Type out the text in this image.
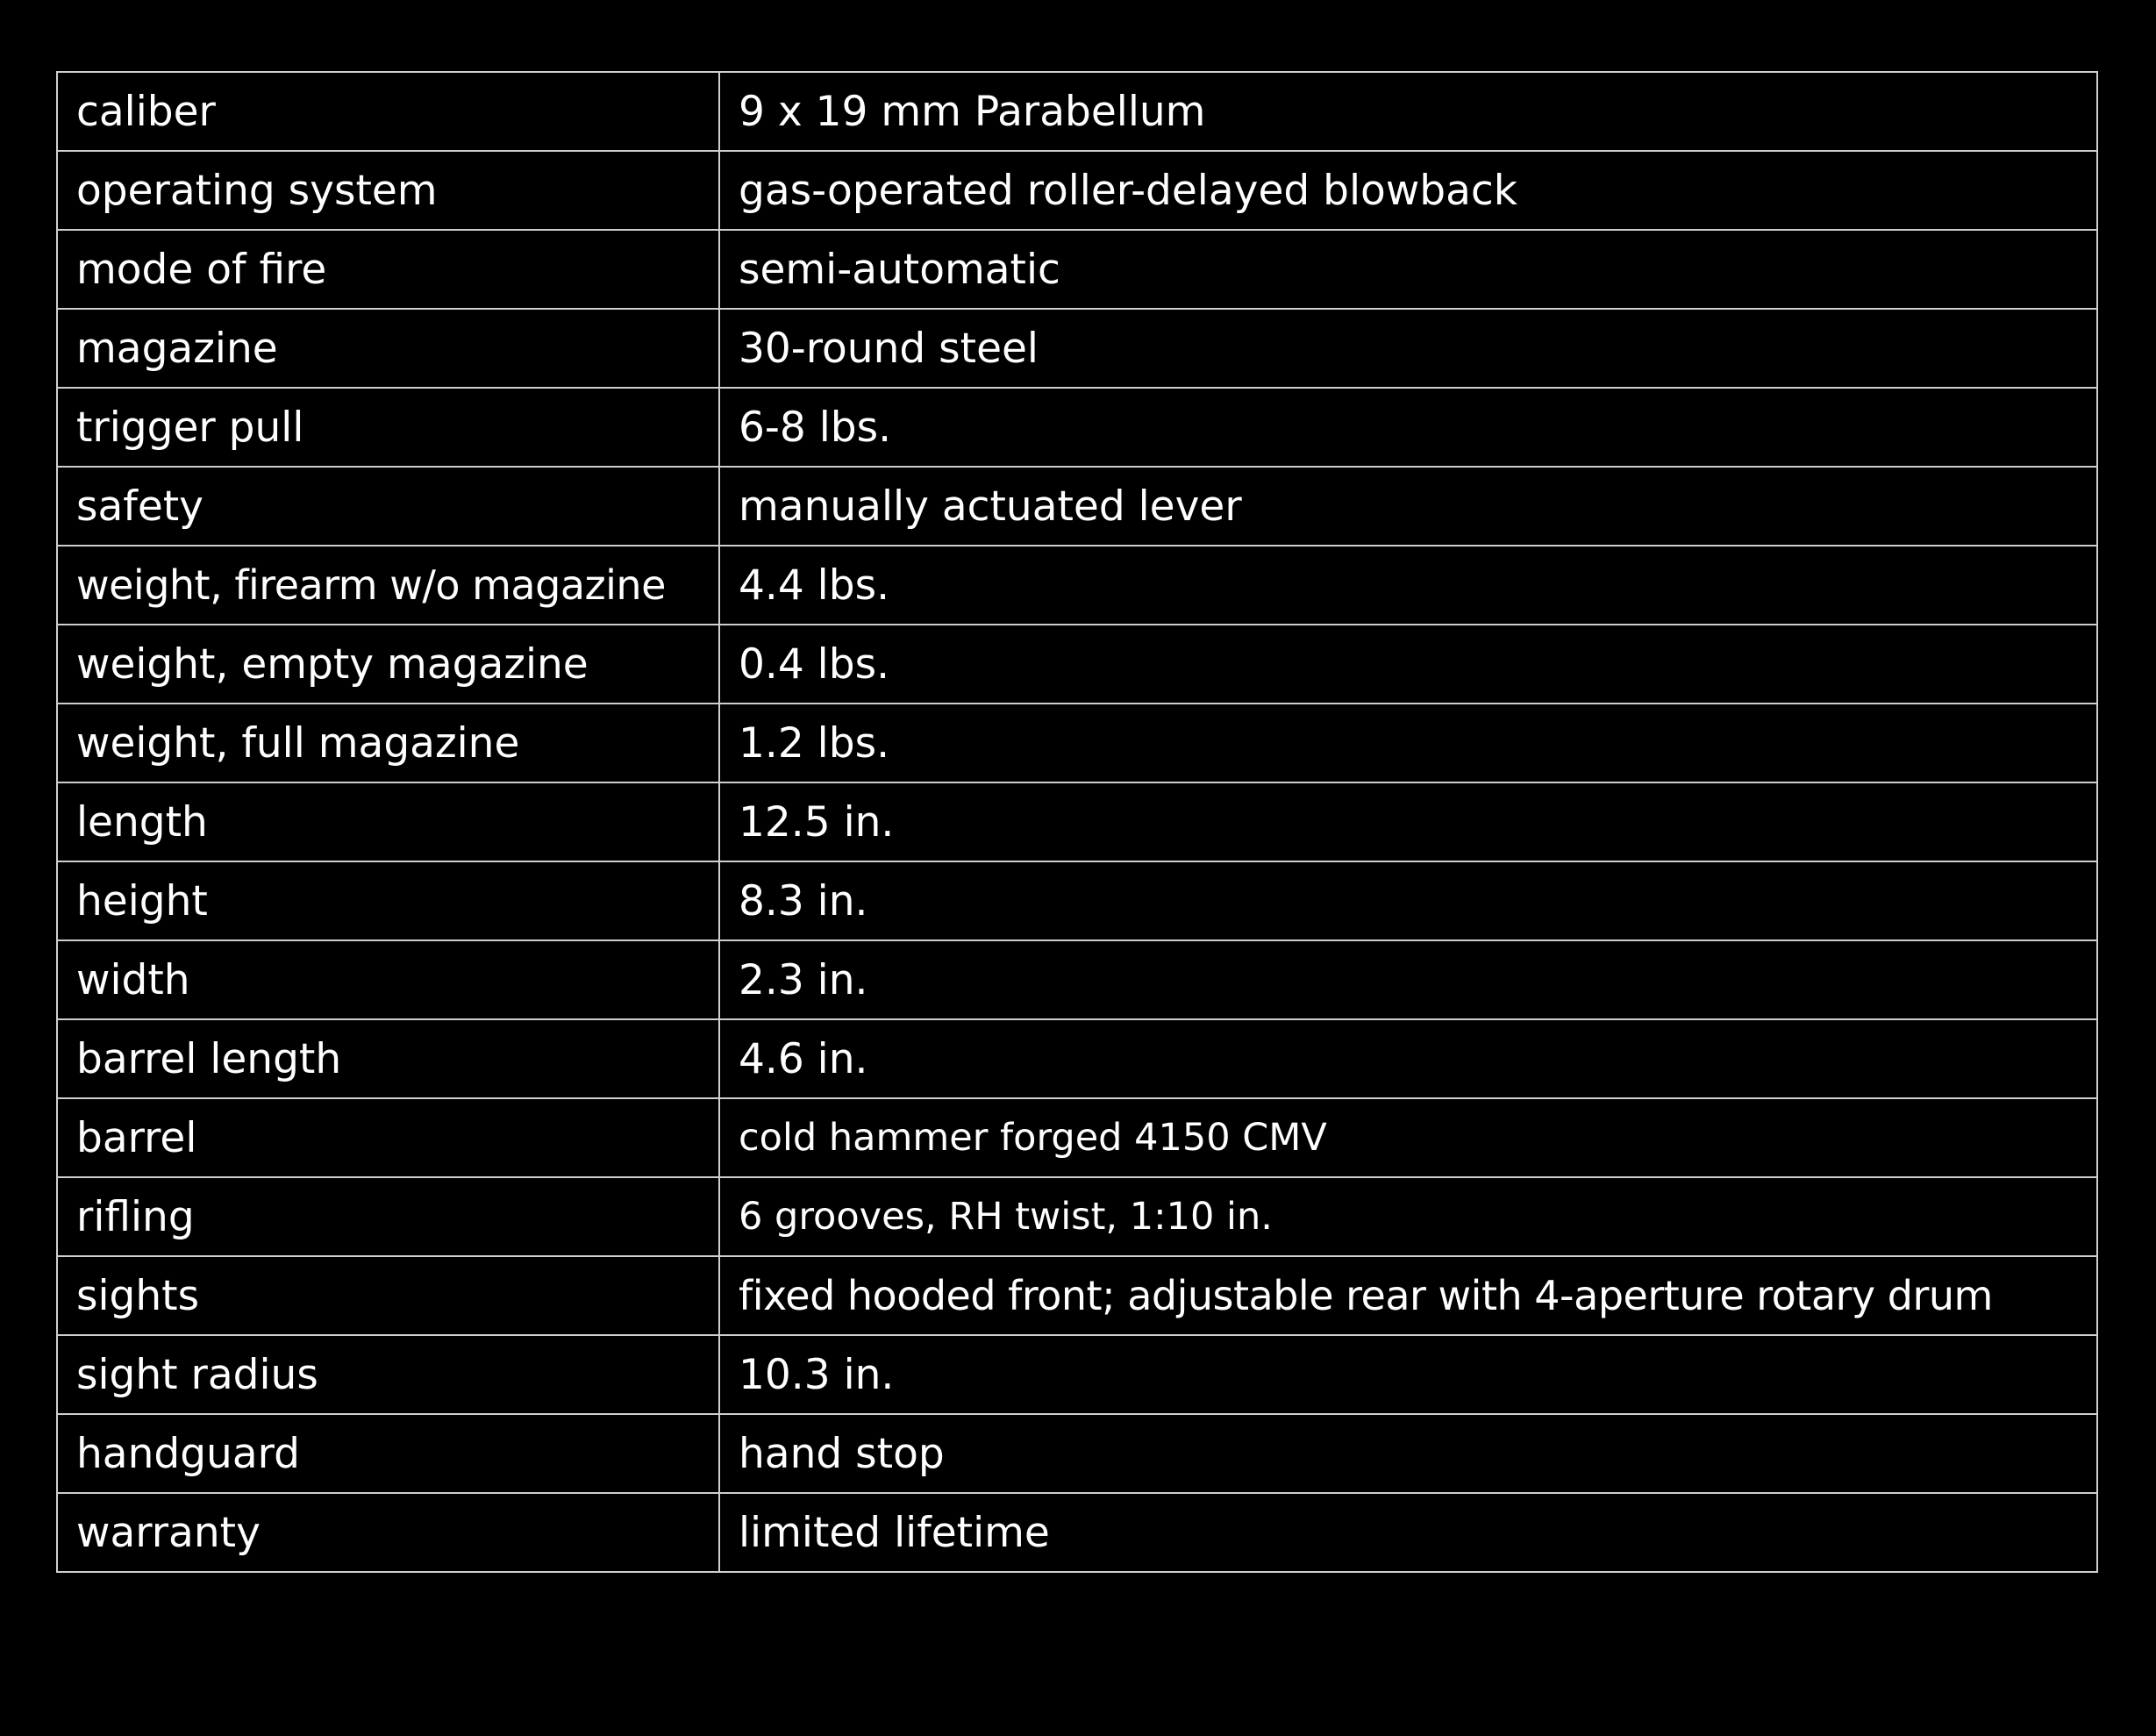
caliber	9 x 19 mm Parabellum
operating system	gas-operated roller-delayed blowback
mode of fire	semi-automatic
magazine	30-round steel
trigger pull	6-8 lbs.
safety	manually actuated lever
weight, firearm w/o magazine	4.4 lbs.
weight, empty magazine	0.4 lbs.
weight, full magazine	1.2 lbs.
length	12.5 in.
height	8.3 in.
width	2.3 in.
barrel length	4.6 in.
barrel	cold hammer forged 4150 CMV
rifling	6 grooves, RH twist, 1:10 in.
sights	fixed hooded front; adjustable rear with 4-aperture rotary drum
sight radius	10.3 in.
handguard	hand stop
warranty	limited lifetime
